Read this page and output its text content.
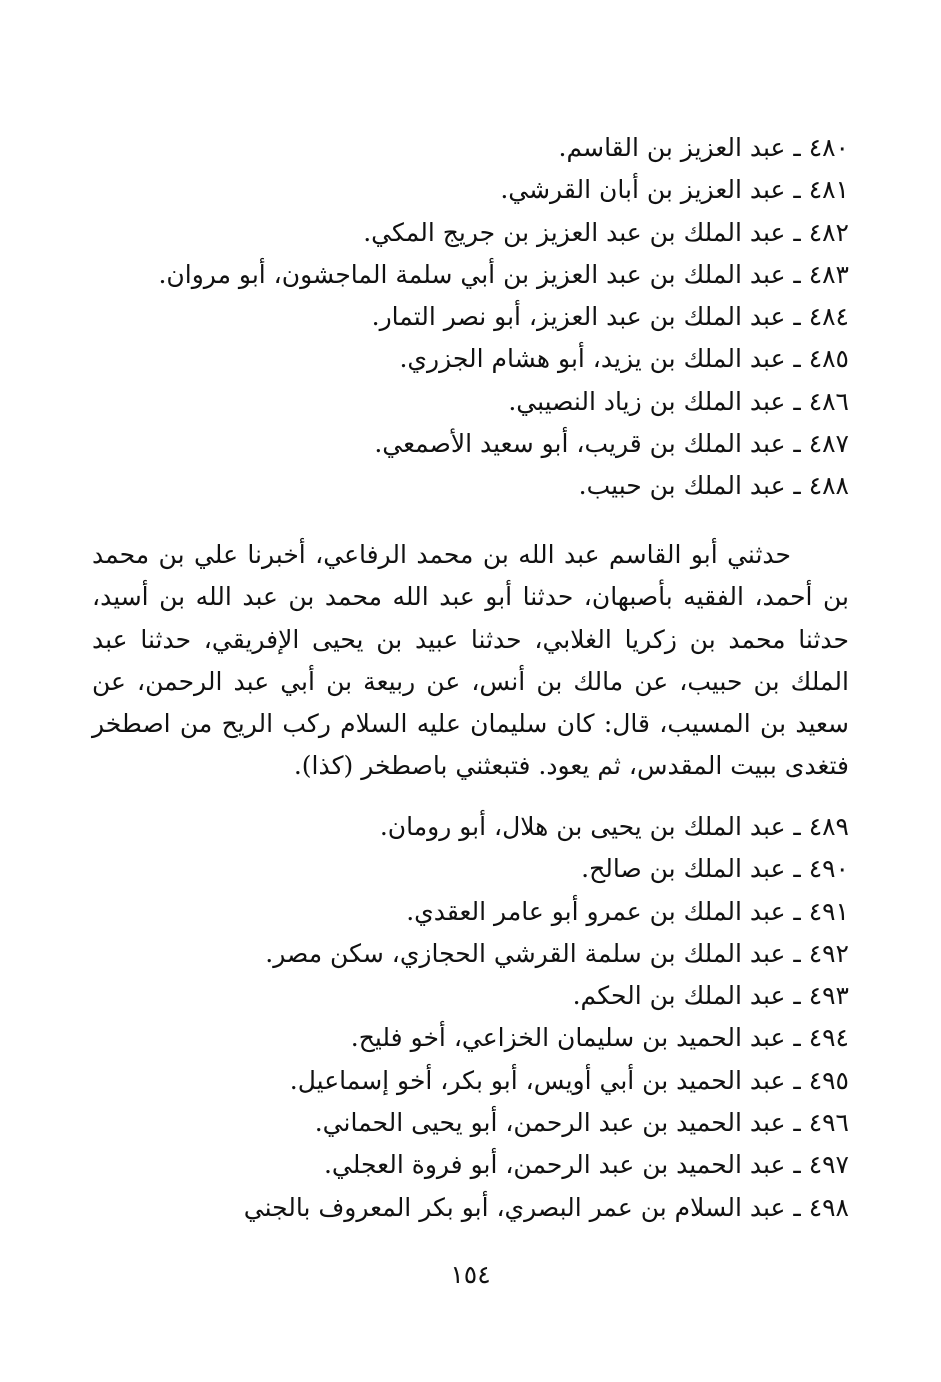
٤٨٠ ـ عبد العزيز بن القاسم.

٤٨١ ـ عبد العزيز بن أبان القرشي.

٤٨٢ ـ عبد الملك بن عبد العزيز بن جريج المكي.

٤٨٣ ـ عبد الملك بن عبد العزيز بن أبي سلمة الماجشون، أبو مروان.

٤٨٤ ـ عبد الملك بن عبد العزيز، أبو نصر التمار.

٤٨٥ ـ عبد الملك بن يزيد، أبو هشام الجزري.

٤٨٦ ـ عبد الملك بن زياد النصيبي.

٤٨٧ ـ عبد الملك بن قريب، أبو سعيد الأصمعي.

٤٨٨ ـ عبد الملك بن حبيب.

حدثني أبو القاسم عبد الله بن محمد الرفاعي، أخبرنا علي بن محمد بن أحمد، الفقيه بأصبهان، حدثنا أبو عبد الله محمد بن عبد الله بن أسيد، حدثنا محمد بن زكريا الغلابي، حدثنا عبيد بن يحيى الإفريقي، حدثنا عبد الملك بن حبيب، عن مالك بن أنس، عن ربيعة بن أبي عبد الرحمن، عن سعيد بن المسيب، قال: كان سليمان عليه السلام ركب الريح من اصطخر فتغدى ببيت المقدس، ثم يعود. فتبعثني باصطخر (كذا).

٤٨٩ ـ عبد الملك بن يحيى بن هلال، أبو رومان.

٤٩٠ ـ عبد الملك بن صالح.

٤٩١ ـ عبد الملك بن عمرو أبو عامر العقدي.

٤٩٢ ـ عبد الملك بن سلمة القرشي الحجازي، سكن مصر.

٤٩٣ ـ عبد الملك بن الحكم.

٤٩٤ ـ عبد الحميد بن سليمان الخزاعي، أخو فليح.

٤٩٥ ـ عبد الحميد بن أبي أويس، أبو بكر، أخو إسماعيل.

٤٩٦ ـ عبد الحميد بن عبد الرحمن، أبو يحيى الحماني.

٤٩٧ ـ عبد الحميد بن عبد الرحمن، أبو فروة العجلي.

٤٩٨ ـ عبد السلام بن عمر البصري، أبو بكر المعروف بالجني

١٥٤
